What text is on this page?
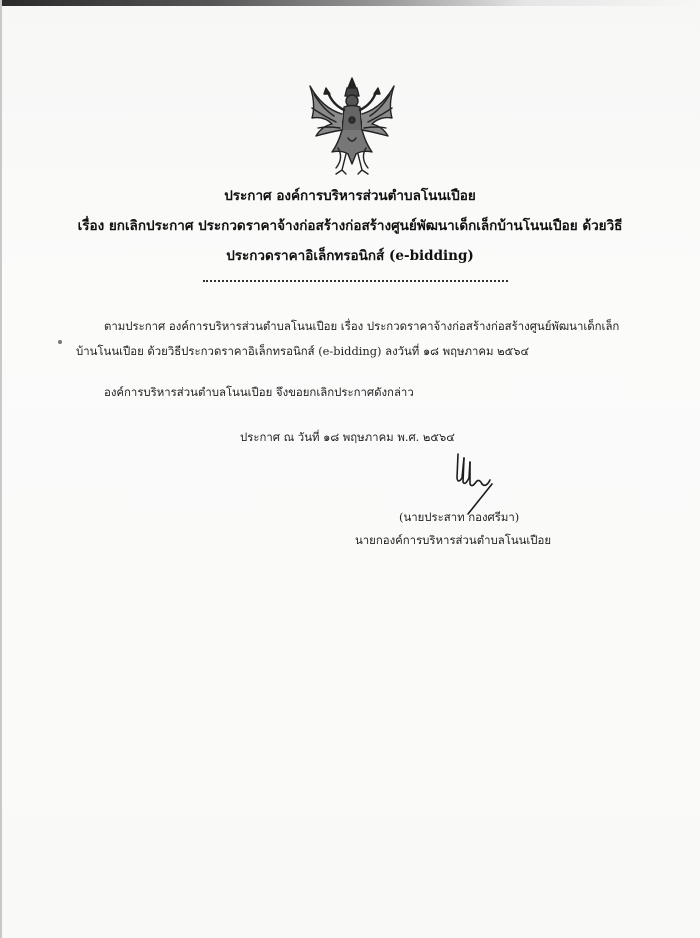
ประกาศ องค์การบริหารส่วนตำบลโนนเปือย
เรื่อง ยกเลิกประกาศ ประกวดราคาจ้างก่อสร้างก่อสร้างศูนย์พัฒนาเด็กเล็กบ้านโนนเปือย ด้วยวิธี
ประกวดราคาอิเล็กทรอนิกส์ (e-bidding)
ตามประกาศ องค์การบริหารส่วนตำบลโนนเปือย เรื่อง ประกวดราคาจ้างก่อสร้างก่อสร้างศูนย์พัฒนาเด็กเล็ก
บ้านโนนเปือย ด้วยวิธีประกวดราคาอิเล็กทรอนิกส์ (e-bidding) ลงวันที่ ๑๘ พฤษภาคม ๒๕๖๔
องค์การบริหารส่วนตำบลโนนเปือย จึงขอยกเลิกประกาศดังกล่าว
ประกาศ ณ วันที่ ๑๘ พฤษภาคม พ.ศ. ๒๕๖๔
(นายประสาท กองศรีมา)
นายกองค์การบริหารส่วนตำบลโนนเปือย
